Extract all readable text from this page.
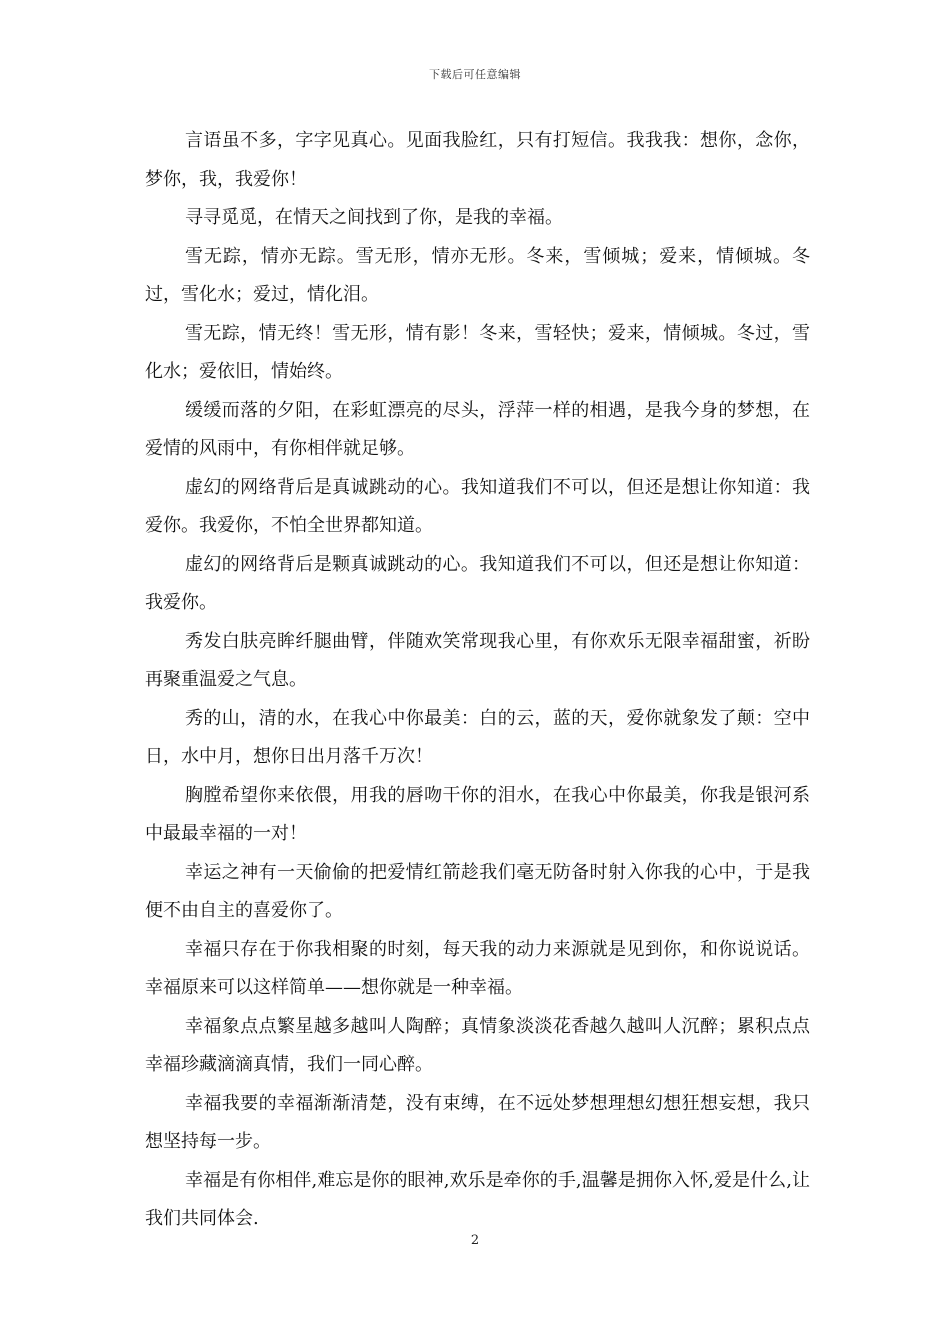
下载后可任意编辑

言语虽不多，字字见真心。见面我脸红，只有打短信。我我我：想你，念你，梦你，我，我爱你！

寻寻觅觅，在情天之间找到了你，是我的幸福。

雪无踪，情亦无踪。雪无形，情亦无形。冬来，雪倾城；爱来，情倾城。冬过，雪化水；爱过，情化泪。

雪无踪，情无终！雪无形，情有影！冬来，雪轻快；爱来，情倾城。冬过，雪化水；爱依旧，情始终。

缓缓而落的夕阳，在彩虹漂亮的尽头，浮萍一样的相遇，是我今身的梦想，在爱情的风雨中，有你相伴就足够。

虚幻的网络背后是真诚跳动的心。我知道我们不可以，但还是想让你知道：我爱你。我爱你，不怕全世界都知道。

虚幻的网络背后是颗真诚跳动的心。我知道我们不可以，但还是想让你知道：我爱你。

秀发白肤亮眸纤腿曲臂，伴随欢笑常现我心里，有你欢乐无限幸福甜蜜，祈盼再聚重温爱之气息。

秀的山，清的水，在我心中你最美：白的云，蓝的天，爱你就象发了颠：空中日，水中月，想你日出月落千万次！

胸膛希望你来依偎，用我的唇吻干你的泪水，在我心中你最美，你我是银河系中最最幸福的一对！

幸运之神有一天偷偷的把爱情红箭趁我们毫无防备时射入你我的心中，于是我便不由自主的喜爱你了。

幸福只存在于你我相聚的时刻，每天我的动力来源就是见到你，和你说说话。幸福原来可以这样简单——想你就是一种幸福。

幸福象点点繁星越多越叫人陶醉；真情象淡淡花香越久越叫人沉醉；累积点点幸福珍藏滴滴真情，我们一同心醉。

幸福我要的幸福渐渐清楚，没有束缚，在不远处梦想理想幻想狂想妄想，我只想坚持每一步。

幸福是有你相伴,难忘是你的眼神,欢乐是牵你的手,温馨是拥你入怀,爱是什么,让我们共同体会.

2
